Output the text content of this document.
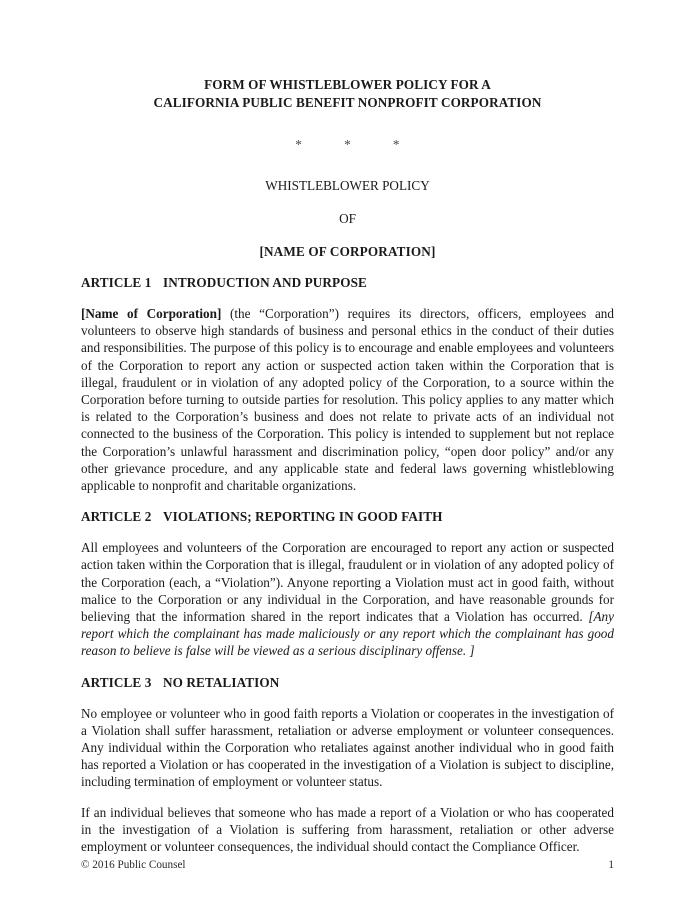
FORM OF WHISTLEBLOWER POLICY FOR A
CALIFORNIA PUBLIC BENEFIT NONPROFIT CORPORATION
*	*	*
WHISTLEBLOWER POLICY
OF
[NAME OF CORPORATION]
ARTICLE 1 INTRODUCTION AND PURPOSE

[Name of Corporation] (the “Corporation”) requires its directors, officers, employees and volunteers to observe high standards of business and personal ethics in the conduct of their duties and responsibilities. The purpose of this policy is to encourage and enable employees and volunteers of the Corporation to report any action or suspected action taken within the Corporation that is illegal, fraudulent or in violation of any adopted policy of the Corporation, to a source within the Corporation before turning to outside parties for resolution. This policy applies to any matter which is related to the Corporation’s business and does not relate to private acts of an individual not connected to the business of the Corporation. This policy is intended to supplement but not replace the Corporation’s unlawful harassment and discrimination policy, “open door policy” and/or any other grievance procedure, and any applicable state and federal laws governing whistleblowing applicable to nonprofit and charitable organizations.

ARTICLE 2 VIOLATIONS; REPORTING IN GOOD FAITH

All employees and volunteers of the Corporation are encouraged to report any action or suspected action taken within the Corporation that is illegal, fraudulent or in violation of any adopted policy of the Corporation (each, a “Violation”). Anyone reporting a Violation must act in good faith, without malice to the Corporation or any individual in the Corporation, and have reasonable grounds for believing that the information shared in the report indicates that a Violation has occurred. [Any report which the complainant has made maliciously or any report which the complainant has good reason to believe is false will be viewed as a serious disciplinary offense. ]

ARTICLE 3 NO RETALIATION

No employee or volunteer who in good faith reports a Violation or cooperates in the investigation of a Violation shall suffer harassment, retaliation or adverse employment or volunteer consequences. Any individual within the Corporation who retaliates against another individual who in good faith has reported a Violation or has cooperated in the investigation of a Violation is subject to discipline, including termination of employment or volunteer status.

If an individual believes that someone who has made a report of a Violation or who has cooperated in the investigation of a Violation is suffering from harassment, retaliation or other adverse employment or volunteer consequences, the individual should contact the Compliance Officer.

© 2016 Public Counsel	1
